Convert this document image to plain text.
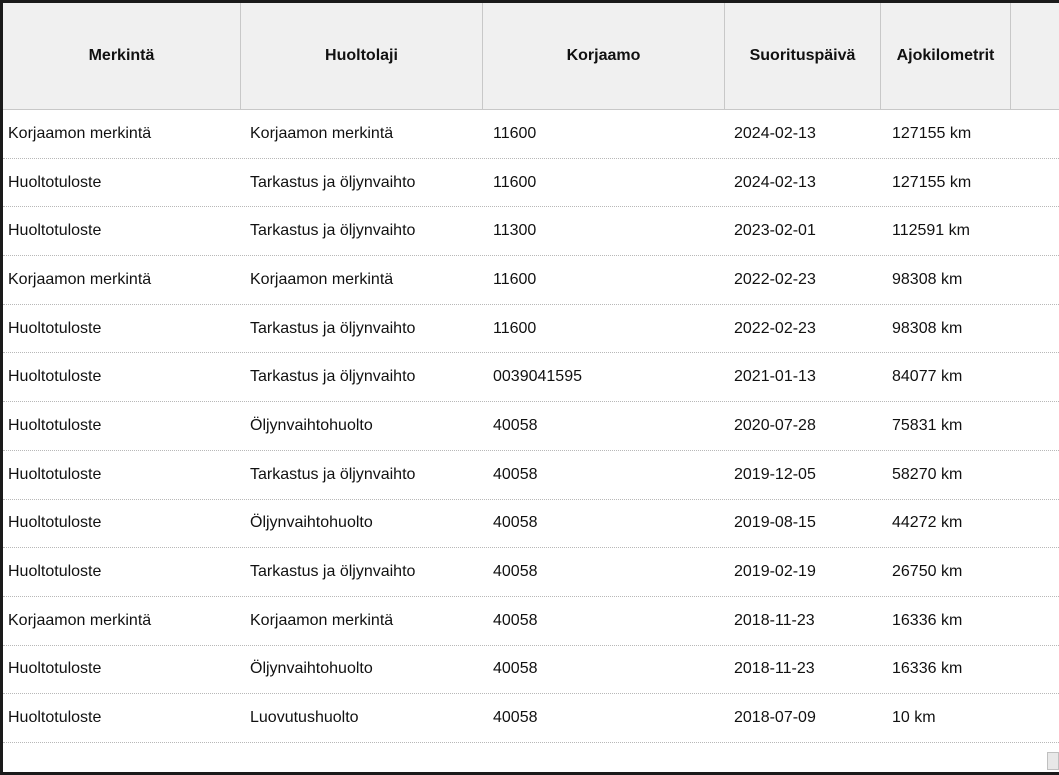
Merkintä	Huoltolaji	Korjaamo	Suorituspäivä	Ajokilometrit
Korjaamon merkintä	Korjaamon merkintä	11600	2024-02-13	127155 km
Huoltotuloste	Tarkastus ja öljynvaihto	11600	2024-02-13	127155 km
Huoltotuloste	Tarkastus ja öljynvaihto	11300	2023-02-01	112591 km
Korjaamon merkintä	Korjaamon merkintä	11600	2022-02-23	98308 km
Huoltotuloste	Tarkastus ja öljynvaihto	11600	2022-02-23	98308 km
Huoltotuloste	Tarkastus ja öljynvaihto	0039041595	2021-01-13	84077 km
Huoltotuloste	Öljynvaihtohuolto	40058	2020-07-28	75831 km
Huoltotuloste	Tarkastus ja öljynvaihto	40058	2019-12-05	58270 km
Huoltotuloste	Öljynvaihtohuolto	40058	2019-08-15	44272 km
Huoltotuloste	Tarkastus ja öljynvaihto	40058	2019-02-19	26750 km
Korjaamon merkintä	Korjaamon merkintä	40058	2018-11-23	16336 km
Huoltotuloste	Öljynvaihtohuolto	40058	2018-11-23	16336 km
Huoltotuloste	Luovutushuolto	40058	2018-07-09	10 km
